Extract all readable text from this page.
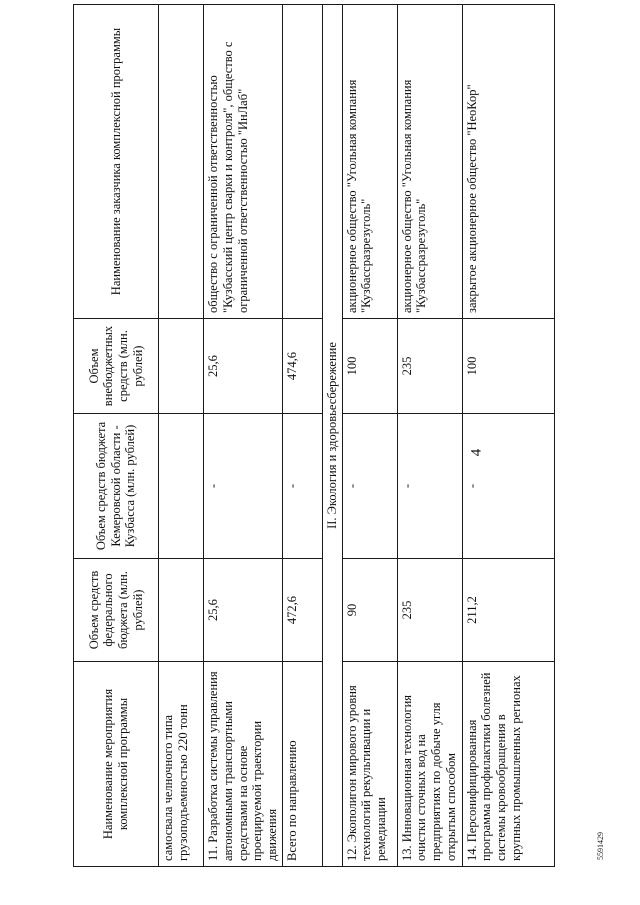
4
5591429
Наименование мероприятия комплексной программы	Объем средств федерального бюджета (млн. рублей)	Объем средств бюджета Кемеровской области - Кузбасса (млн. рублей)	Объем внебюджетных средств (млн. рублей)	Наименование заказчика комплексной программы
самосвала челночного типа грузоподъемностью 220 тонн				
11. Разработка системы управления автономными транспортными средствами на основе проецируемой траектории движения	25,6	-	25,6	общество с ограниченной ответственностью "Кузбасский центр сварки и контроля", общество с ограниченной ответственностью "ИнЛаб"
Всего по направлению	472,6	-	474,6	
II. Экология и здоровьесбережение				
12. Экополигон мирового уровня технологий рекультивации и ремедиации	90	-	100	акционерное общество "Угольная компания "Кузбассразрезуголь"
13. Инновационная технология очистки сточных вод на предприятиях по добыче угля открытым способом	235	-	235	акционерное общество "Угольная компания "Кузбассразрезуголь"
14. Персонифицированная программа профилактики болезней системы кровообращения в крупных промышленных регионах	211,2	-	100	закрытое акционерное общество "НеоКор"
